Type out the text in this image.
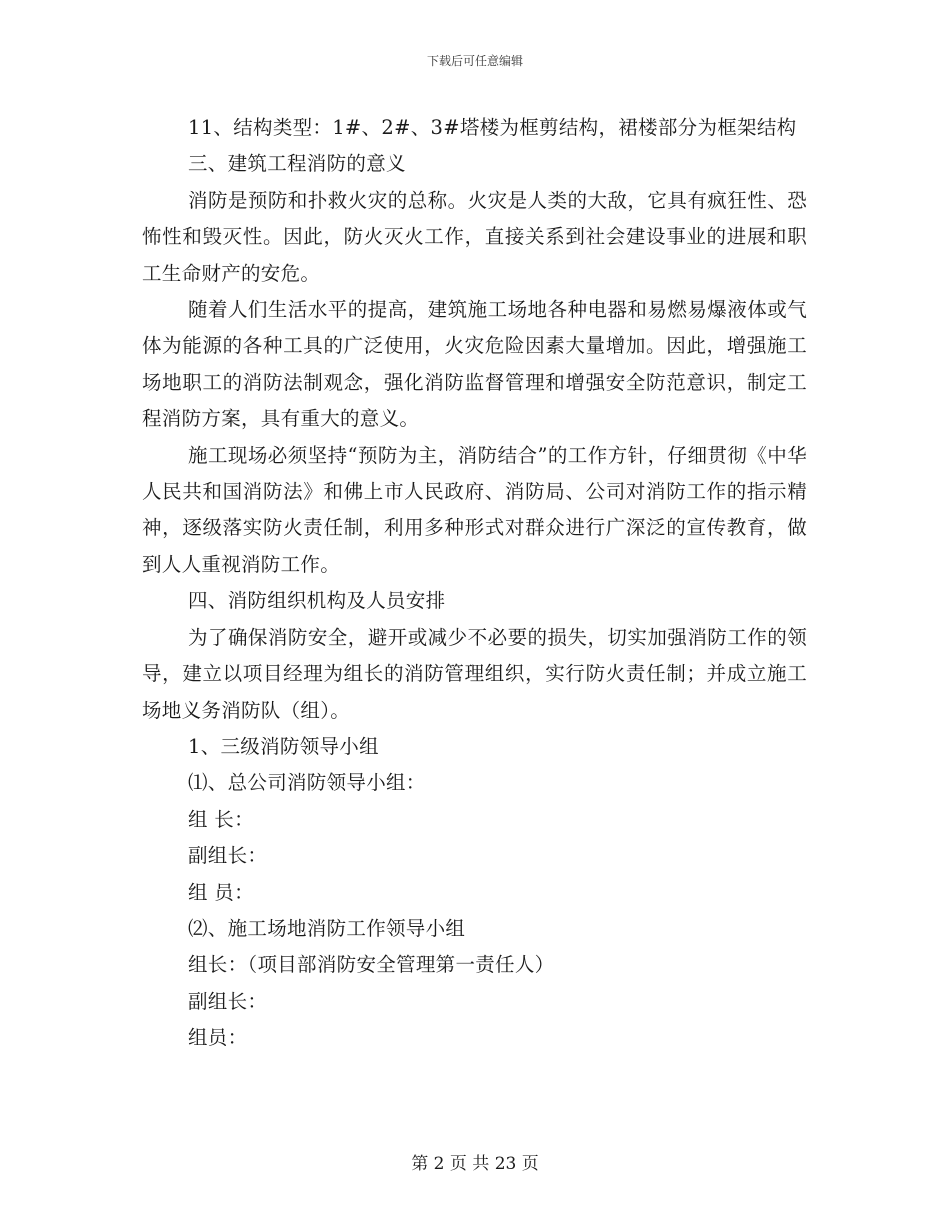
下载后可任意编辑

11、结构类型：1#、2#、3#塔楼为框剪结构，裙楼部分为框架结构

三、建筑工程消防的意义

消防是预防和扑救火灾的总称。火灾是人类的大敌，它具有疯狂性、恐怖性和毁灭性。因此，防火灭火工作，直接关系到社会建设事业的进展和职工生命财产的安危。

随着人们生活水平的提高，建筑施工场地各种电器和易燃易爆液体或气体为能源的各种工具的广泛使用，火灾危险因素大量增加。因此，增强施工场地职工的消防法制观念，强化消防监督管理和增强安全防范意识，制定工程消防方案，具有重大的意义。

施工现场必须坚持“预防为主，消防结合”的工作方针，仔细贯彻《中华人民共和国消防法》和佛上市人民政府、消防局、公司对消防工作的指示精神，逐级落实防火责任制，利用多种形式对群众进行广深泛的宣传教育，做到人人重视消防工作。

四、消防组织机构及人员安排

为了确保消防安全，避开或减少不必要的损失，切实加强消防工作的领导，建立以项目经理为组长的消防管理组织，实行防火责任制；并成立施工场地义务消防队（组）。

1、三级消防领导小组

⑴、总公司消防领导小组：

组 长：

副组长：

组 员：

⑵、施工场地消防工作领导小组

组长：（项目部消防安全管理第一责任人）

副组长：

组员：

第 2 页 共 23 页
